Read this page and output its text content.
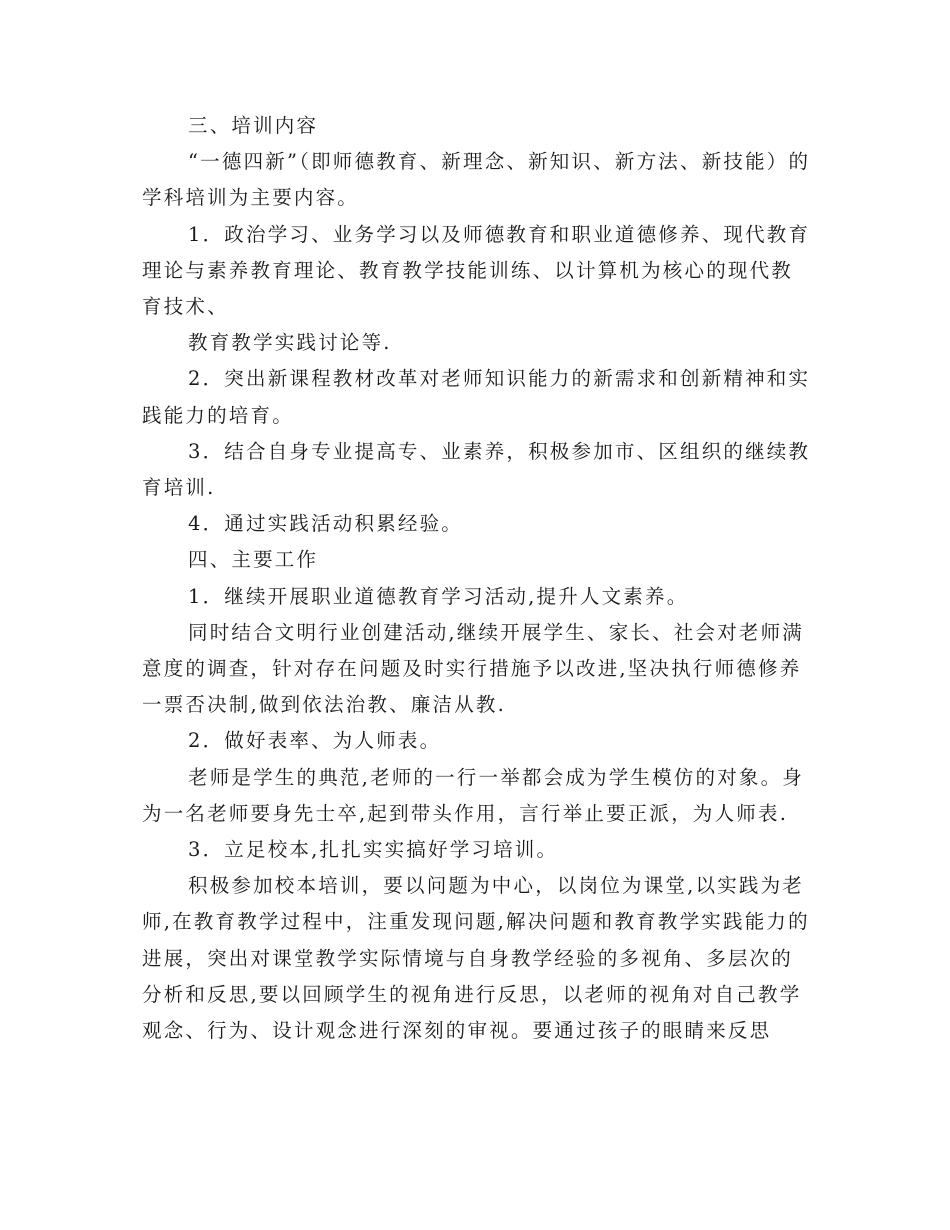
三、培训内容

“一德四新”（即师德教育、新理念、新知识、新方法、新技能）的学科培训为主要内容。

1．政治学习、业务学习以及师德教育和职业道德修养、现代教育理论与素养教育理论、教育教学技能训练、以计算机为核心的现代教育技术、

教育教学实践讨论等.

2．突出新课程教材改革对老师知识能力的新需求和创新精神和实践能力的培育。

3．结合自身专业提高专、业素养，积极参加市、区组织的继续教育培训.

4．通过实践活动积累经验。

四、主要工作

1．继续开展职业道德教育学习活动,提升人文素养。

同时结合文明行业创建活动,继续开展学生、家长、社会对老师满意度的调查，针对存在问题及时实行措施予以改进,坚决执行师德修养一票否决制,做到依法治教、廉洁从教.

2．做好表率、为人师表。

老师是学生的典范,老师的一行一举都会成为学生模仿的对象。身为一名老师要身先士卒,起到带头作用，言行举止要正派，为人师表.

3．立足校本,扎扎实实搞好学习培训。

积极参加校本培训，要以问题为中心，以岗位为课堂,以实践为老师,在教育教学过程中，注重发现问题,解决问题和教育教学实践能力的进展，突出对课堂教学实际情境与自身教学经验的多视角、多层次的分析和反思,要以回顾学生的视角进行反思，以老师的视角对自己教学观念、行为、设计观念进行深刻的审视。要通过孩子的眼睛来反思
